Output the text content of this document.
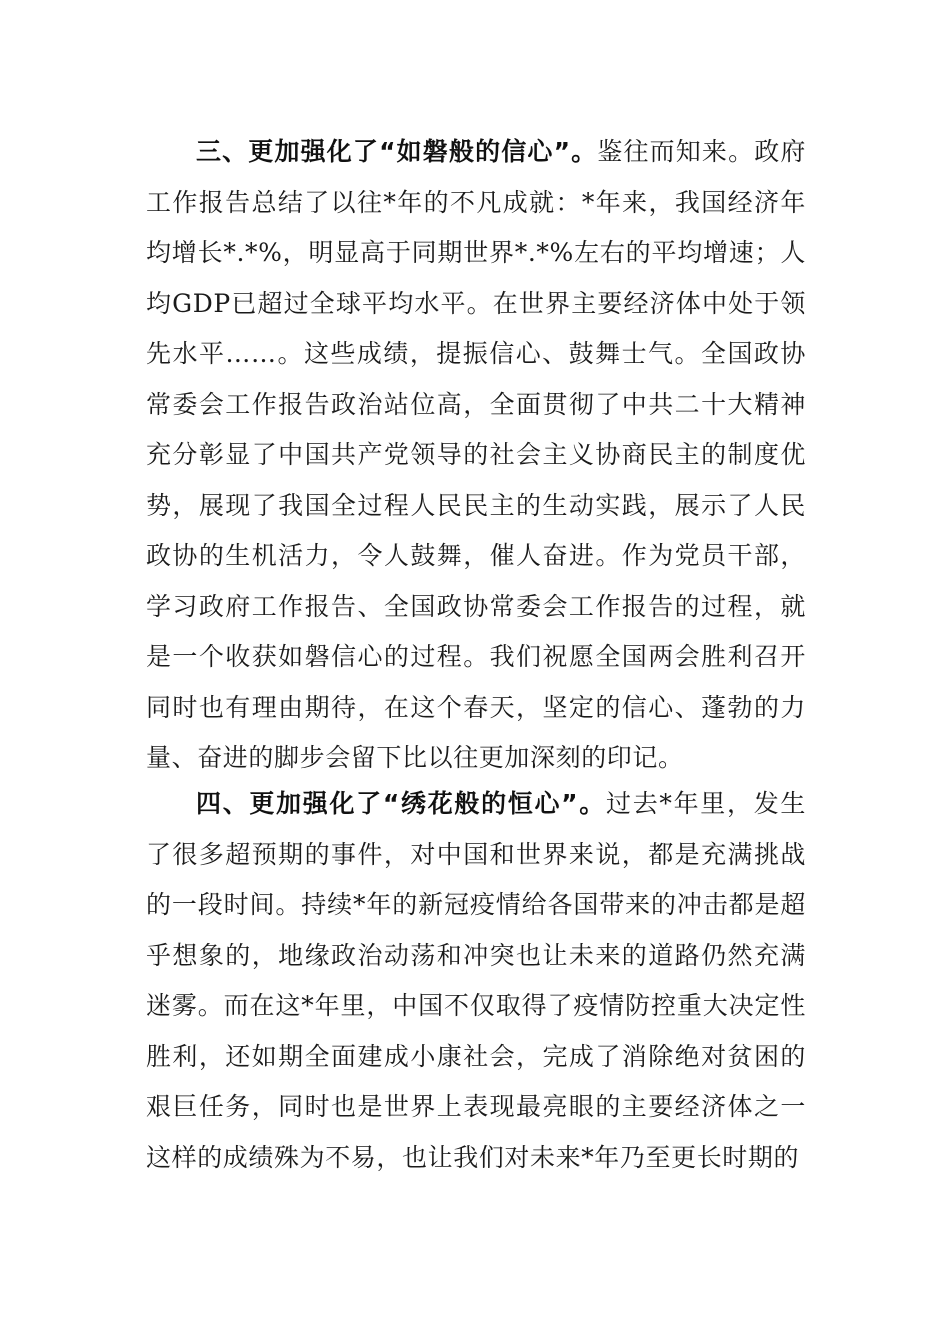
三、更加强化了“如磐般的信心”。鉴往而知来。政府工作报告总结了以往*年的不凡成就：*年来，我国经济年均增长*.*%，明显高于同期世界*.*%左右的平均增速；人均GDP已超过全球平均水平。在世界主要经济体中处于领先水平……。这些成绩，提振信心、鼓舞士气。全国政协常委会工作报告政治站位高，全面贯彻了中共二十大精神充分彰显了中国共产党领导的社会主义协商民主的制度优势，展现了我国全过程人民民主的生动实践，展示了人民政协的生机活力，令人鼓舞，催人奋进。作为党员干部，学习政府工作报告、全国政协常委会工作报告的过程，就是一个收获如磐信心的过程。我们祝愿全国两会胜利召开同时也有理由期待，在这个春天，坚定的信心、蓬勃的力量、奋进的脚步会留下比以往更加深刻的印记。

四、更加强化了“绣花般的恒心”。过去*年里，发生了很多超预期的事件，对中国和世界来说，都是充满挑战的一段时间。持续*年的新冠疫情给各国带来的冲击都是超乎想象的，地缘政治动荡和冲突也让未来的道路仍然充满迷雾。而在这*年里，中国不仅取得了疫情防控重大决定性胜利，还如期全面建成小康社会，完成了消除绝对贫困的艰巨任务，同时也是世界上表现最亮眼的主要经济体之一这样的成绩殊为不易，也让我们对未来*年乃至更长时期的
